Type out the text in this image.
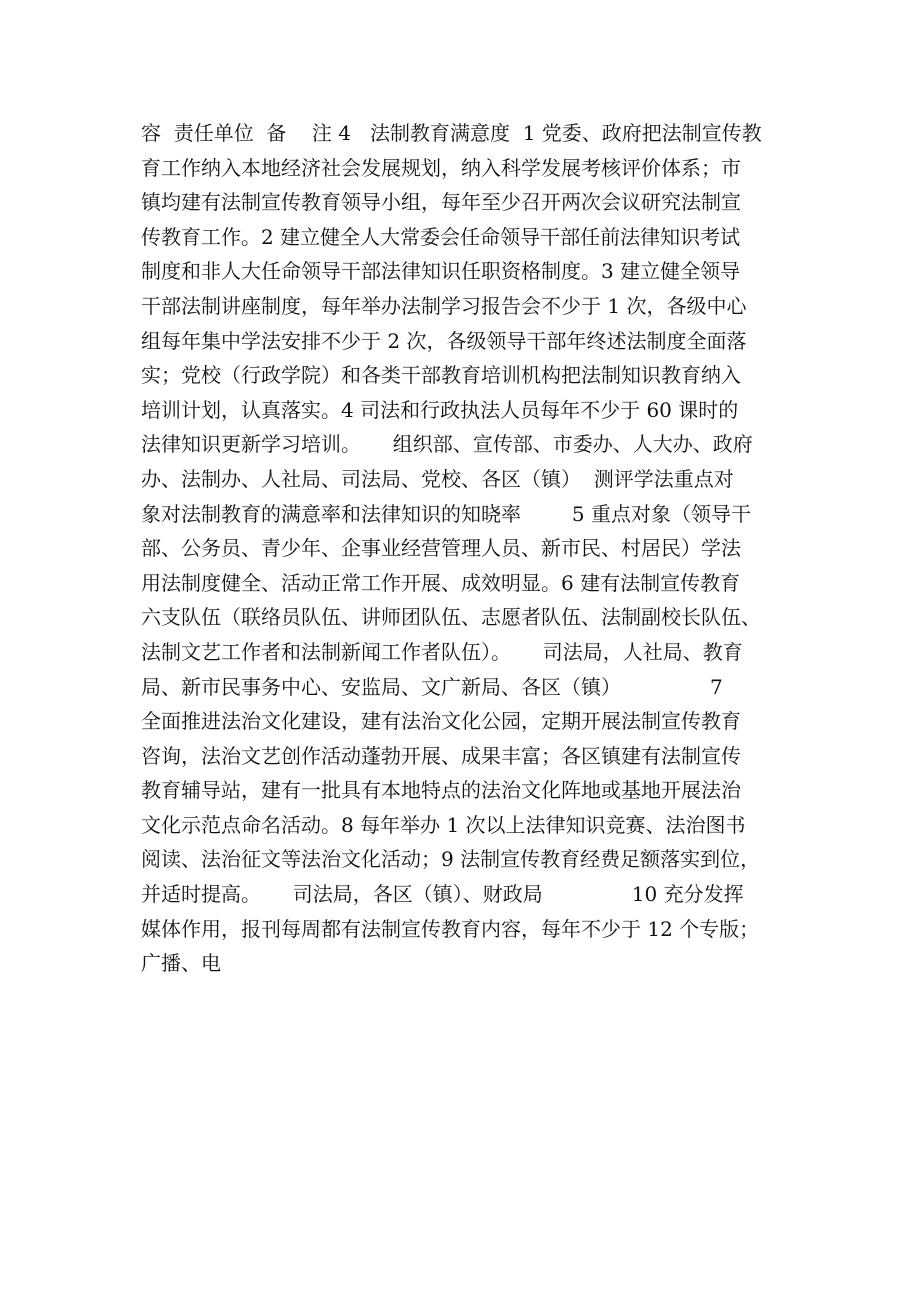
容  责任单位  备    注 4   法制教育满意度  1 党委、政府把法制宣传教
育工作纳入本地经济社会发展规划，纳入科学发展考核评价体系；市
镇均建有法制宣传教育领导小组，每年至少召开两次会议研究法制宣
传教育工作。2 建立健全人大常委会任命领导干部任前法律知识考试
制度和非人大任命领导干部法律知识任职资格制度。3 建立健全领导
干部法制讲座制度，每年举办法制学习报告会不少于 1 次，各级中心
组每年集中学法安排不少于 2 次，各级领导干部年终述法制度全面落
实；党校（行政学院）和各类干部教育培训机构把法制知识教育纳入
培训计划，认真落实。4 司法和行政执法人员每年不少于 60 课时的
法律知识更新学习培训。     组织部、宣传部、市委办、人大办、政府
办、法制办、人社局、司法局、党校、各区（镇）  测评学法重点对
象对法制教育的满意率和法律知识的知晓率        5 重点对象（领导干
部、公务员、青少年、企事业经营管理人员、新市民、村居民）学法
用法制度健全、活动正常工作开展、成效明显。6 建有法制宣传教育
六支队伍（联络员队伍、讲师团队伍、志愿者队伍、法制副校长队伍、
法制文艺工作者和法制新闻工作者队伍）。     司法局，人社局、教育
局、新市民事务中心、安监局、文广新局、各区（镇）              7
全面推进法治文化建设，建有法治文化公园，定期开展法制宣传教育
咨询，法治文艺创作活动蓬勃开展、成果丰富；各区镇建有法制宣传
教育辅导站，建有一批具有本地特点的法治文化阵地或基地开展法治
文化示范点命名活动。8 每年举办 1 次以上法律知识竞赛、法治图书
阅读、法治征文等法治文化活动；9 法制宣传教育经费足额落实到位，
并适时提高。     司法局，各区（镇）、财政局              10 充分发挥
媒体作用，报刊每周都有法制宣传教育内容，每年不少于 12 个专版；
广播、电
